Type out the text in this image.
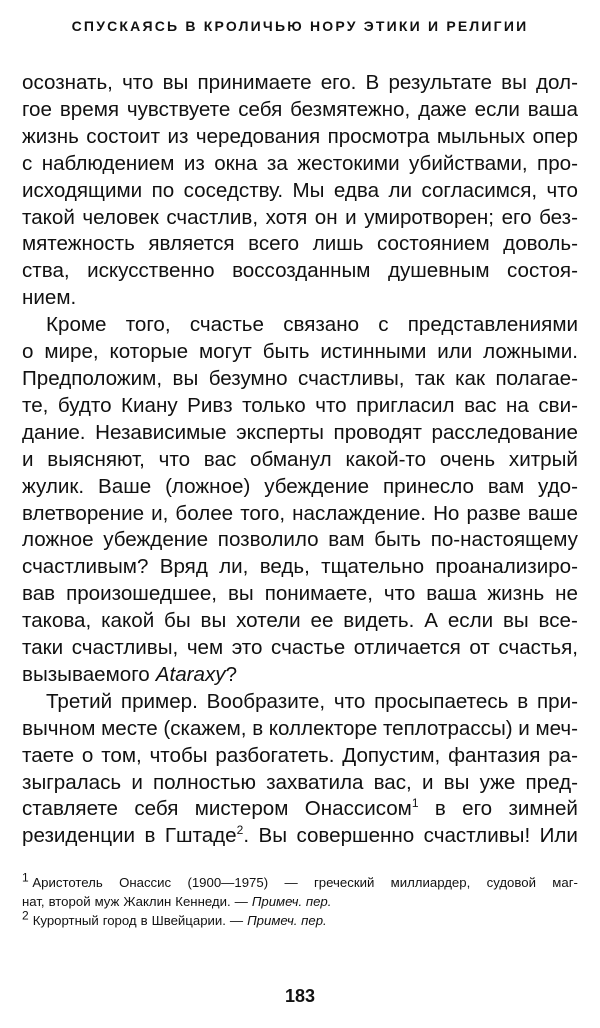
СПУСКАЯСЬ В КРОЛИЧЬЮ НОРУ ЭТИКИ И РЕЛИГИИ
осознать, что вы принимаете его. В результате вы дол-
гое время чувствуете себя безмятежно, даже если ваша
жизнь состоит из чередования просмотра мыльных опер
с наблюдением из окна за жестокими убийствами, про-
исходящими по соседству. Мы едва ли согласимся, что
такой человек счастлив, хотя он и умиротворен; его без-
мятежность является всего лишь состоянием доволь-
ства, искусственно воссозданным душевным состоя-
нием.
Кроме того, счастье связано с представлениями
о мире, которые могут быть истинными или ложными.
Предположим, вы безумно счастливы, так как полагае-
те, будто Киану Ривз только что пригласил вас на сви-
дание. Независимые эксперты проводят расследование
и выясняют, что вас обманул какой-то очень хитрый
жулик. Ваше (ложное) убеждение принесло вам удо-
влетворение и, более того, наслаждение. Но разве ваше
ложное убеждение позволило вам быть по-настоящему
счастливым? Вряд ли, ведь, тщательно проанализиро-
вав произошедшее, вы понимаете, что ваша жизнь не
такова, какой бы вы хотели ее видеть. А если вы все-
таки счастливы, чем это счастье отличается от счастья,
вызываемого Ataraxy?
Третий пример. Вообразите, что просыпаетесь в при-
вычном месте (скажем, в коллекторе теплотрассы) и меч-
таете о том, чтобы разбогатеть. Допустим, фантазия ра-
зыгралась и полностью захватила вас, и вы уже пред-
ставляете себя мистером Онассисом$^1$ в его зимней
резиденции в Гштаде$^2$. Вы совершенно счастливы! Или
$^1$ Аристотель Онассис (1900—1975) — греческий миллиардер, судовой маг-
нат, второй муж Жаклин Кеннеди. — Примеч. пер.
$^2$ Курортный город в Швейцарии. — Примеч. пер.
183
